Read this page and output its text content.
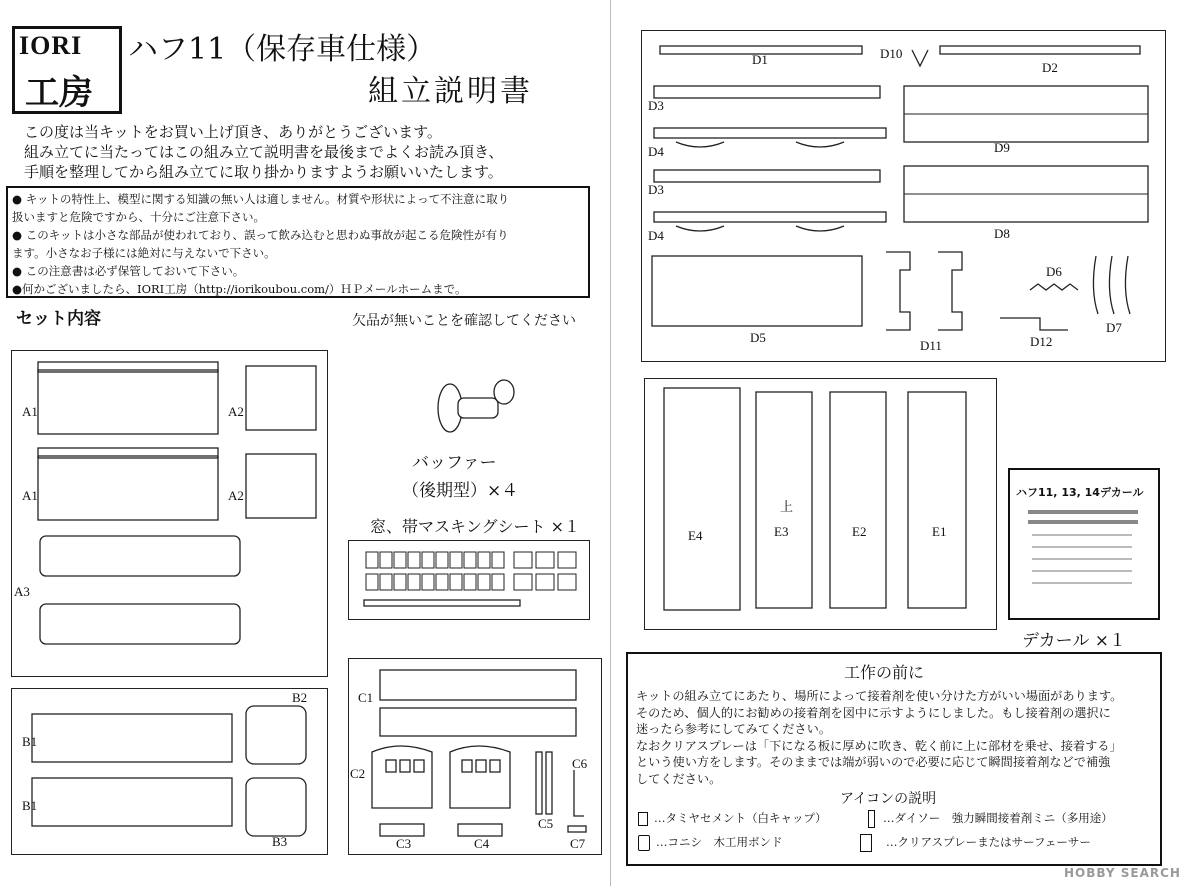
IORI
工房
ハフ11（保存車仕様）
組立説明書
この度は当キットをお買い上げ頂き、ありがとうございます。
組み立てに当たってはこの組み立て説明書を最後までよくお読み頂き、
手順を整理してから組み立てに取り掛かりますようお願いいたします。
● キットの特性上、模型に関する知識の無い人は適しません。材質や形状によって不注意に取り
扱いますと危険ですから、十分にご注意下さい。
● このキットは小さな部品が使われており、誤って飲み込むと思わぬ事故が起こる危険性が有り
ます。小さなお子様には絶対に与えないで下さい。
● この注意書は必ず保管しておいて下さい。
●何かございましたら、IORI工房（http://iorikoubou.com/）ＨＰメールホームまで。
セット内容	欠品が無いことを確認してください
A1
A1
A2
A2
A3
B1
B1
B2
B3
バッファー
（後期型）×４
窓、帯マスキングシート ×１
C1
C2
C3	C4
C5
C6
C7
D1
D2
D10
D3
D3
D4
D4
D9
D8
D5
D6
D7
D11	D12
E4	E3
上
E2	E1
ハフ11, 13, 14デカール
デカール ×１
工作の前に
キットの組み立てにあたり、場所によって接着剤を使い分けた方がいい場面があります。
そのため、個人的にお勧めの接着剤を図中に示すようにしました。もし接着剤の選択に
迷ったら参考にしてみてください。
なおクリアスプレーは「下になる板に厚めに吹き、乾く前に上に部材を乗せ、接着する」
という使い方をします。そのままでは端が弱いので必要に応じて瞬間接着剤などで補強
してください。
アイコンの説明
…タミヤセメント（白キャップ）	…ダイソー　強力瞬間接着剤ミニ（多用途）
…コニシ　木工用ボンド	…クリアスプレーまたはサーフェーサー
HOBBY SEARCH
